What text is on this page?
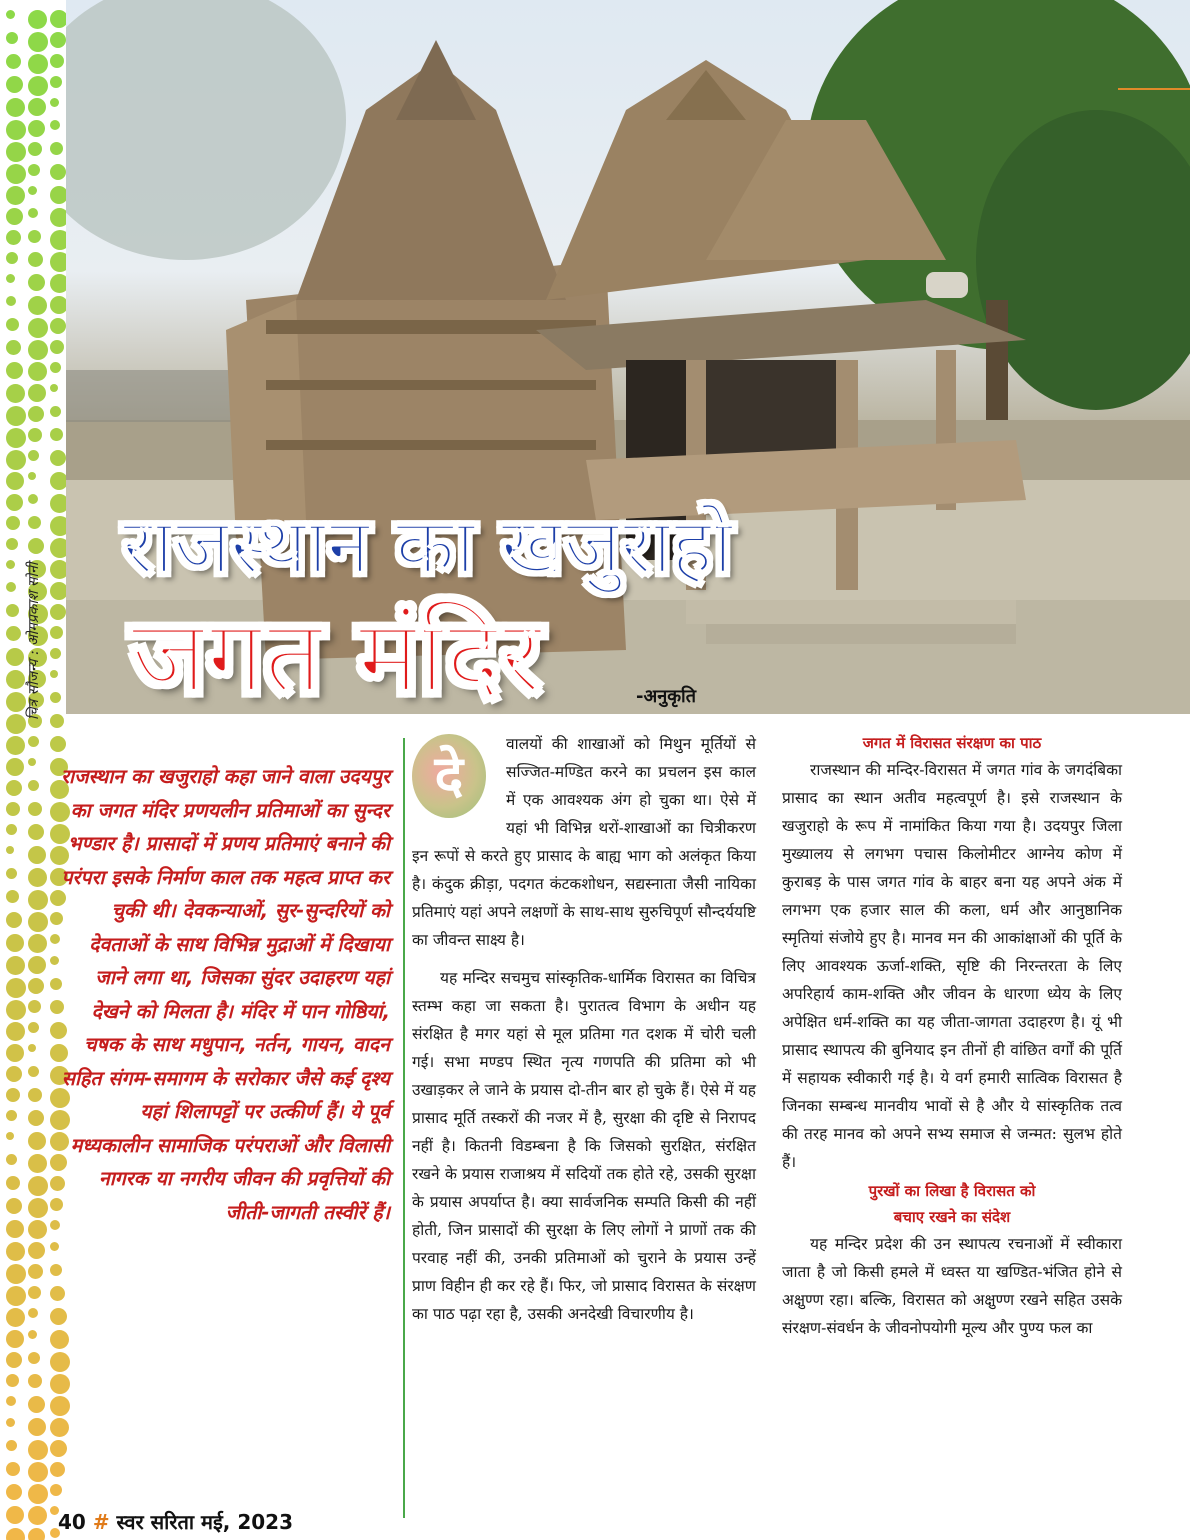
चित्र सौजन्य : ओमप्रकाश सोनी
राजस्थान का खजुराहो
जगत मंदिर	-अनुकृति

राजस्थान का खजुराहो कहा जाने वाला उदयपुर का जगत मंदिर प्रणयलीन प्रतिमाओं का सुन्दर भण्डार है। प्रासादों में प्रणय प्रतिमाएं बनाने की परंपरा इसके निर्माण काल तक महत्व प्राप्त कर चुकी थी। देवकन्याओं, सुर-सुन्दरियों को देवताओं के साथ विभिन्न मुद्राओं में दिखाया जाने लगा था, जिसका सुंदर उदाहरण यहां देखने को मिलता है। मंदिर में पान गोष्ठियां, चषक के साथ मधुपान, नर्तन, गायन, वादन सहित संगम-समागम के सरोकार जैसे कई दृश्य यहां शिलापट्टों पर उत्कीर्ण हैं। ये पूर्व मध्यकालीन सामाजिक परंपराओं और विलासी नागरक या नगरीय जीवन की प्रवृत्तियों की जीती-जागती तस्वीरें हैं।

दे	वालयों की शाखाओं को मिथुन मूर्तियों से सज्जित-मण्डित करने का प्रचलन इस काल में एक आवश्यक अंग हो चुका था। ऐसे में यहां भी विभिन्न थरों-शाखाओं का चित्रीकरण इन रूपों से करते हुए प्रासाद के बाह्य भाग को अलंकृत किया है। कंदुक क्रीड़ा, पदगत कंटकशोधन, सद्यस्नाता जैसी नायिका प्रतिमाएं यहां अपने लक्षणों के साथ-साथ सुरुचिपूर्ण सौन्दर्ययष्टि का जीवन्त साक्ष्य है।

यह मन्दिर सचमुच सांस्कृतिक-धार्मिक विरासत का विचित्र स्तम्भ कहा जा सकता है। पुरातत्व विभाग के अधीन यह संरक्षित है मगर यहां से मूल प्रतिमा गत दशक में चोरी चली गई। सभा मण्डप स्थित नृत्य गणपति की प्रतिमा को भी उखाड़कर ले जाने के प्रयास दो-तीन बार हो चुके हैं। ऐसे में यह प्रासाद मूर्ति तस्करों की नजर में है, सुरक्षा की दृष्टि से निरापद नहीं है। कितनी विडम्बना है कि जिसको सुरक्षित, संरक्षित रखने के प्रयास राजाश्रय में सदियों तक होते रहे, उसकी सुरक्षा के प्रयास अपर्याप्त है। क्या सार्वजनिक सम्पति किसी की नहीं होती, जिन प्रासादों की सुरक्षा के लिए लोगों ने प्राणों तक की परवाह नहीं की, उनकी प्रतिमाओं को चुराने के प्रयास उन्हें प्राण विहीन ही कर रहे हैं। फिर, जो प्रासाद विरासत के संरक्षण का पाठ पढ़ा रहा है, उसकी अनदेखी विचारणीय है।

जगत में विरासत संरक्षण का पाठ

राजस्थान की मन्दिर-विरासत में जगत गांव के जगदंबिका प्रासाद का स्थान अतीव महत्वपूर्ण है। इसे राजस्थान के खजुराहो के रूप में नामांकित किया गया है। उदयपुर जिला मुख्यालय से लगभग पचास किलोमीटर आग्नेय कोण में कुराबड़ के पास जगत गांव के बाहर बना यह अपने अंक में लगभग एक हजार साल की कला, धर्म और आनुष्ठानिक स्मृतियां संजोये हुए है। मानव मन की आकांक्षाओं की पूर्ति के लिए आवश्यक ऊर्जा-शक्ति, सृष्टि की निरन्तरता के लिए अपरिहार्य काम-शक्ति और जीवन के धारणा ध्येय के लिए अपेक्षित धर्म-शक्ति का यह जीता-जागता उदाहरण है। यूं भी प्रासाद स्थापत्य की बुनियाद इन तीनों ही वांछित वर्गों की पूर्ति में सहायक स्वीकारी गई है। ये वर्ग हमारी सात्विक विरासत है जिनका सम्बन्ध मानवीय भावों से है और ये सांस्कृतिक तत्व की तरह मानव को अपने सभ्य समाज से जन्मत: सुलभ होते हैं।

पुरखों का लिखा है विरासत को
बचाए रखने का संदेश

यह मन्दिर प्रदेश की उन स्थापत्य रचनाओं में स्वीकारा जाता है जो किसी हमले में ध्वस्त या खण्डित-भंजित होने से अक्षुण्ण रहा। बल्कि, विरासत को अक्षुण्ण रखने सहित उसके संरक्षण-संवर्धन के जीवनोपयोगी मूल्य और पुण्य फल का

40 # स्वर सरिता मई, 2023
